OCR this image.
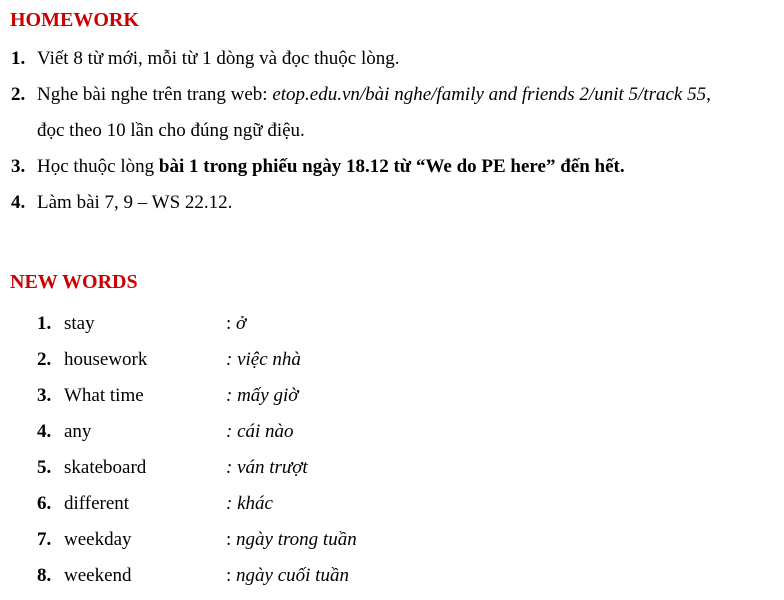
HOMEWORK
1. Viết 8 từ mới, mỗi từ 1 dòng và đọc thuộc lòng.
2. Nghe bài nghe trên trang web: etop.edu.vn/bài nghe/family and friends 2/unit 5/track 55,
đọc theo 10 lần cho đúng ngữ điệu.
3. Học thuộc lòng bài 1 trong phiếu ngày 18.12 từ “We do PE here” đến hết.
4. Làm bài 7, 9 – WS 22.12.
NEW WORDS
1. stay	: ở
2. housework	: việc nhà
3. What time	: mấy giờ
4. any	: cái nào
5. skateboard	: ván trượt
6. different	: khác
7. weekday	: ngày trong tuần
8. weekend	: ngày cuối tuần
